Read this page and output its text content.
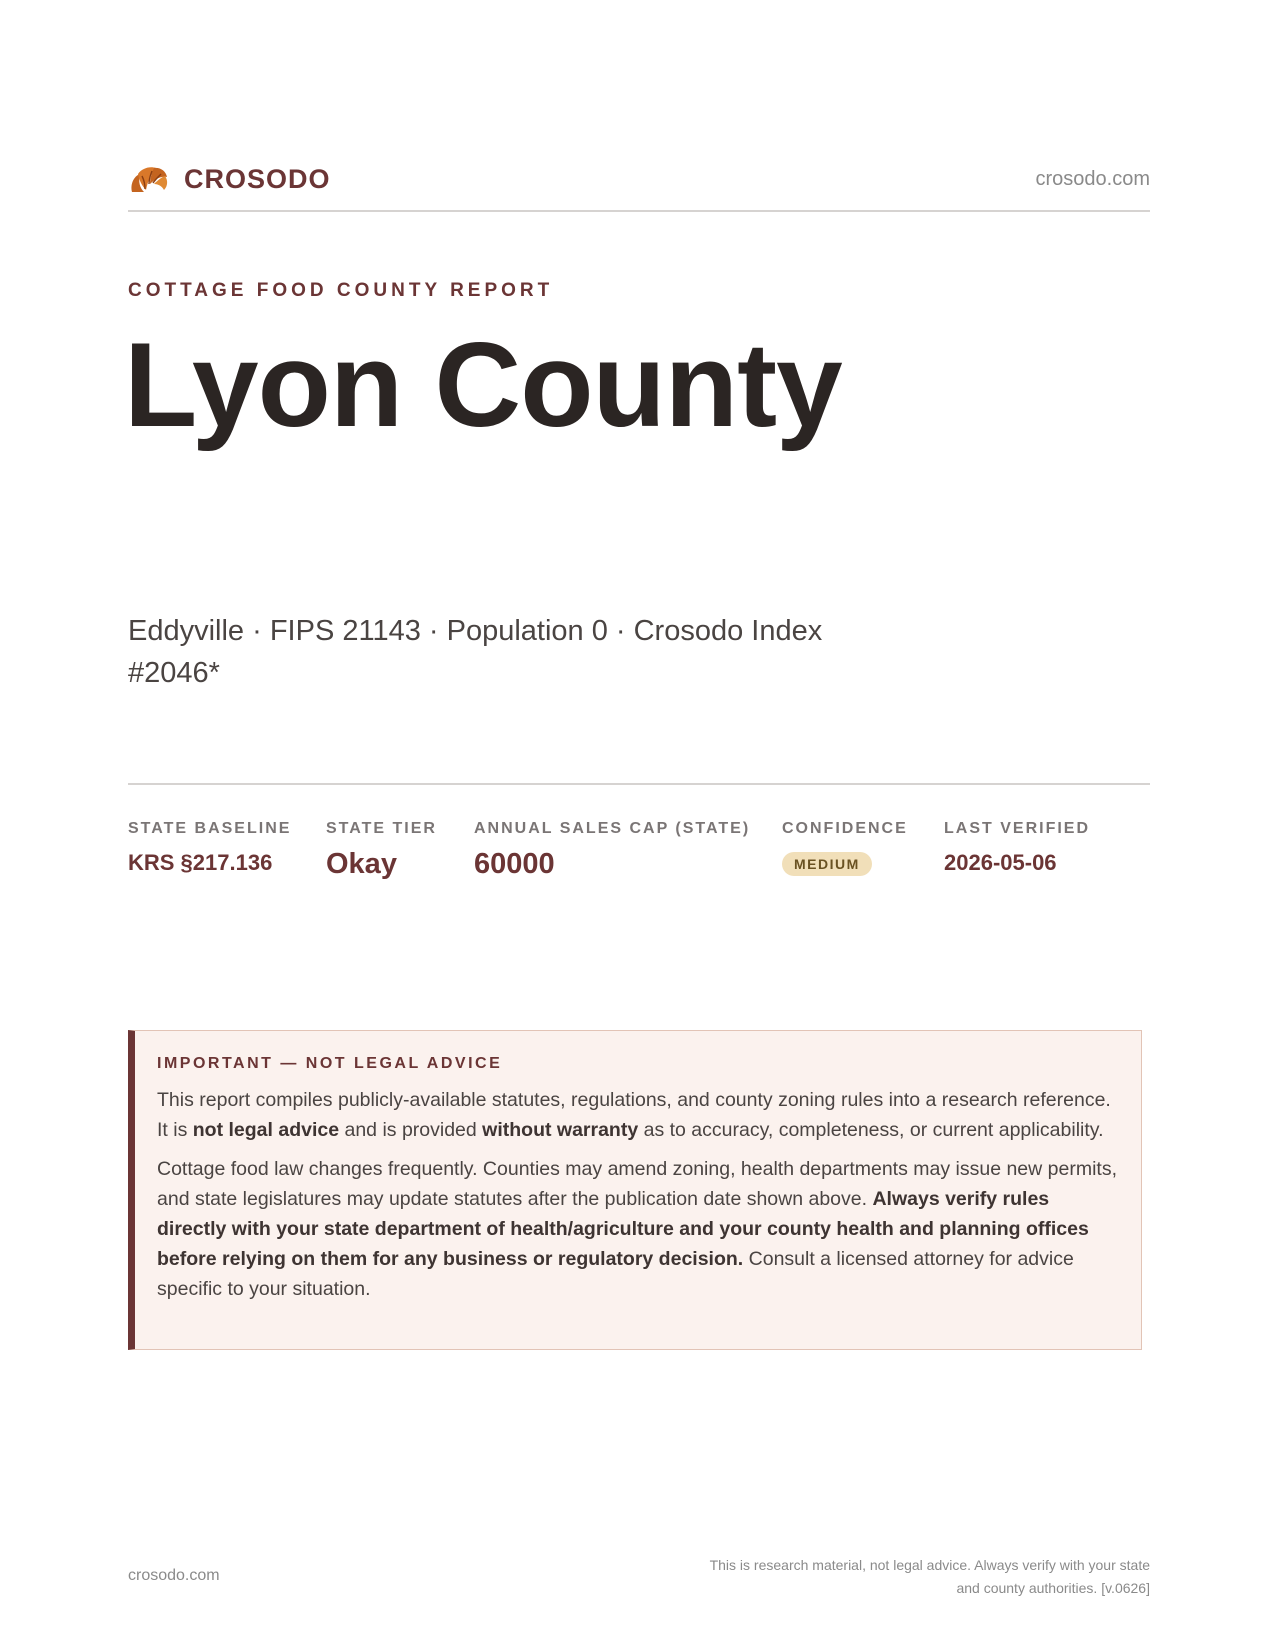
CROSODO	crosodo.com
COTTAGE FOOD COUNTY REPORT
Lyon County
Eddyville · FIPS 21143 · Population 0 · Crosodo Index #2046*
STATE BASELINE
KRS §217.136
STATE TIER
Okay
ANNUAL SALES CAP (STATE)
60000
CONFIDENCE
MEDIUM
LAST VERIFIED
2026-05-06
IMPORTANT — NOT LEGAL ADVICE

This report compiles publicly-available statutes, regulations, and county zoning rules into a research reference. It is not legal advice and is provided without warranty as to accuracy, completeness, or current applicability.

Cottage food law changes frequently. Counties may amend zoning, health departments may issue new permits, and state legislatures may update statutes after the publication date shown above. Always verify rules directly with your state department of health/agriculture and your county health and planning offices before relying on them for any business or regulatory decision. Consult a licensed attorney for advice specific to your situation.

crosodo.com
This is research material, not legal advice. Always verify with your state
and county authorities. [v.0626]
